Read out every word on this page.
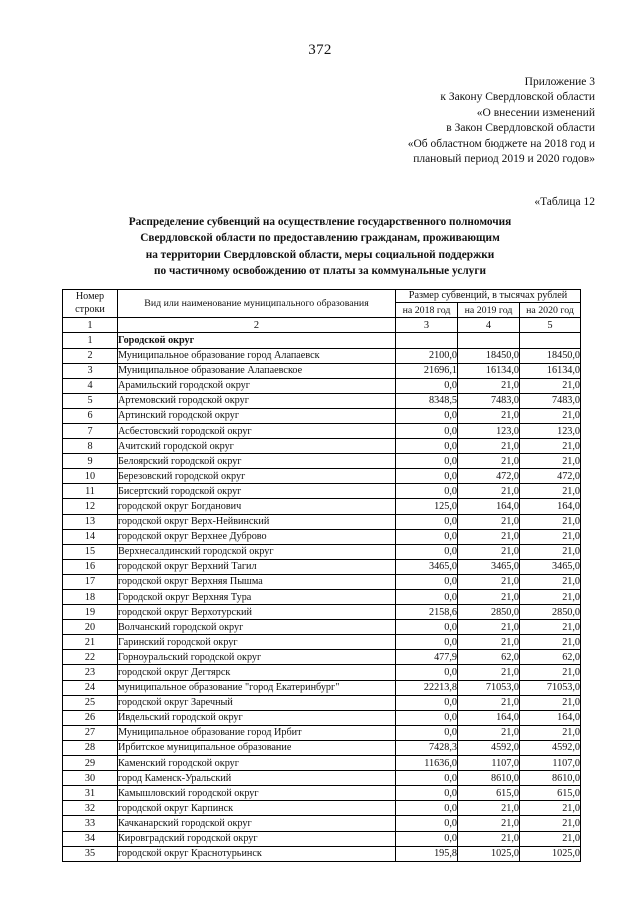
372
Приложение 3
к Закону Свердловской области
«О внесении изменений
в Закон Свердловской области
«Об областном бюджете на 2018 год и
плановый период 2019 и 2020 годов»
«Таблица 12
Распределение субвенций на осуществление государственного полномочия
Свердловской области по предоставлению гражданам, проживающим
на территории Свердловской области, меры социальной поддержки
по частичному освобождению от платы за коммунальные услуги
Номер
строки	Вид или наименование муниципального образования	Размер субвенций, в тысячах рублей		
		на 2018 год	на 2019 год	на 2020 год
1	2	3	4	5
1	Городской округ			
2	Муниципальное образование город Алапаевск	2100,0	18450,0	18450,0
3	Муниципальное образование Алапаевское	21696,1	16134,0	16134,0
4	Арамильский городской округ	0,0	21,0	21,0
5	Артемовский городской округ	8348,5	7483,0	7483,0
6	Артинский городской округ	0,0	21,0	21,0
7	Асбестовский городской округ	0,0	123,0	123,0
8	Ачитский городской округ	0,0	21,0	21,0
9	Белоярский городской округ	0,0	21,0	21,0
10	Березовский городской округ	0,0	472,0	472,0
11	Бисертский городской округ	0,0	21,0	21,0
12	городской округ Богданович	125,0	164,0	164,0
13	городской округ Верх-Нейвинский	0,0	21,0	21,0
14	городской округ Верхнее Дуброво	0,0	21,0	21,0
15	Верхнесалдинский городской округ	0,0	21,0	21,0
16	городской округ Верхний Тагил	3465,0	3465,0	3465,0
17	городской округ Верхняя Пышма	0,0	21,0	21,0
18	Городской округ Верхняя Тура	0,0	21,0	21,0
19	городской округ Верхотурский	2158,6	2850,0	2850,0
20	Волчанский городской округ	0,0	21,0	21,0
21	Гаринский городской округ	0,0	21,0	21,0
22	Горноуральский городской округ	477,9	62,0	62,0
23	городской округ Дегтярск	0,0	21,0	21,0
24	муниципальное образование "город Екатеринбург"	22213,8	71053,0	71053,0
25	городской округ Заречный	0,0	21,0	21,0
26	Ивдельский городской округ	0,0	164,0	164,0
27	Муниципальное образование город Ирбит	0,0	21,0	21,0
28	Ирбитское муниципальное образование	7428,3	4592,0	4592,0
29	Каменский городской округ	11636,0	1107,0	1107,0
30	город Каменск-Уральский	0,0	8610,0	8610,0
31	Камышловский городской округ	0,0	615,0	615,0
32	городской округ Карпинск	0,0	21,0	21,0
33	Качканарский городской округ	0,0	21,0	21,0
34	Кировградский городской округ	0,0	21,0	21,0
35	городской округ Краснотурьинск	195,8	1025,0	1025,0
